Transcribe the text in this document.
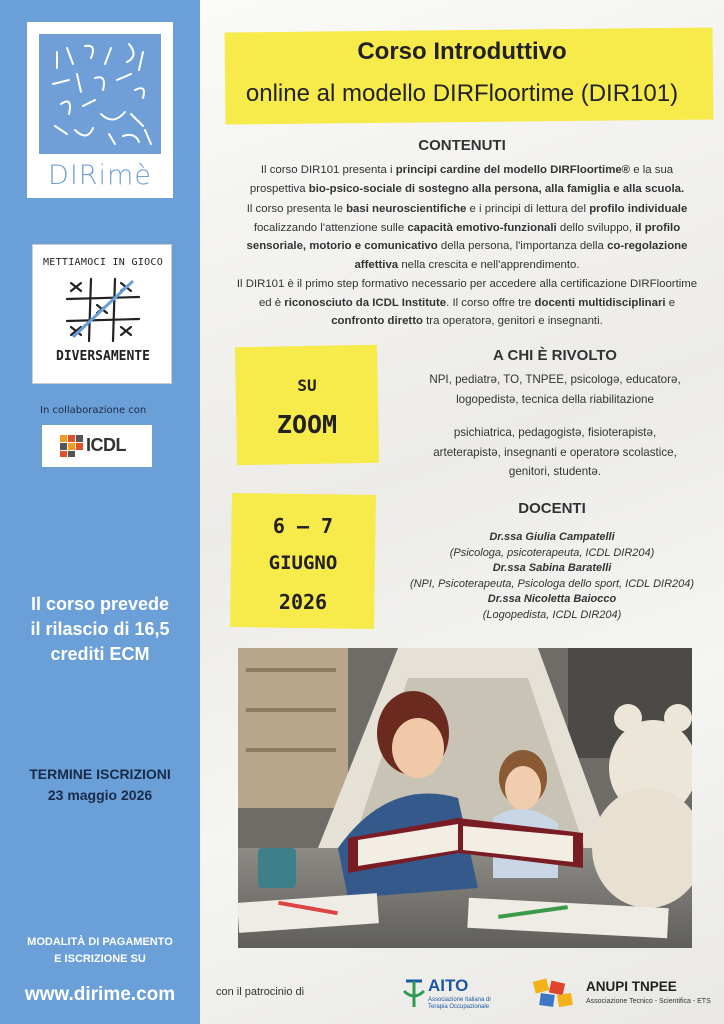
DIRimè
METTIAMOCI IN GIOCO
DIVERSAMENTE
In collaborazione con
ICDL
Il corso prevede
il rilascio di 16,5
crediti ECM
TERMINE ISCRIZIONI
23 maggio 2026
MODALITÀ DI PAGAMENTO
E ISCRIZIONE SU
www.dirime.com
Corso Introduttivo
online al modello DIRFloortime (DIR101)
CONTENUTI
Il corso DIR101 presenta i principi cardine del modello DIRFloortime® e la sua prospettiva bio-psico-sociale di sostegno alla persona, alla famiglia e alla scuola.
Il corso presenta le basi neuroscientifiche e i principi di lettura del profilo individuale focalizzando l'attenzione sulle capacità emotivo-funzionali dello sviluppo, il profilo sensoriale, motorio e comunicativo della persona, l'importanza della co-regolazione affettiva nella crescita e nell'apprendimento.
Il DIR101 è il primo step formativo necessario per accedere alla certificazione DIRFloortime ed è riconosciuto da ICDL Institute. Il corso offre tre docenti multidisciplinari e confronto diretto tra operatorə, genitori e insegnanti.
SU
ZOOM
A CHI È RIVOLTO
NPI, pediatrə, TO, TNPEE, psicologə, educatorə,
logopedistə, tecnica della riabilitazione
psichiatrica, pedagogistə, fisioterapistə,
arteterapistə, insegnanti e operatorə scolastice,
genitori, studentə.
6 – 7
GIUGNO
2026
DOCENTI
Dr.ssa Giulia Campatelli
(Psicologa, psicoterapeuta, ICDL DIR204)
Dr.ssa Sabina Baratelli
(NPI, Psicoterapeuta, Psicologa dello sport, ICDL DIR204)
Dr.ssa Nicoletta Baiocco
(Logopedista, ICDL DIR204)
con il patrocinio di	AITO
Associazione Italiana di Terapia Occupazionale
ANUPI TNPEE
Associazione Tecnico - Scientifica - ETS
